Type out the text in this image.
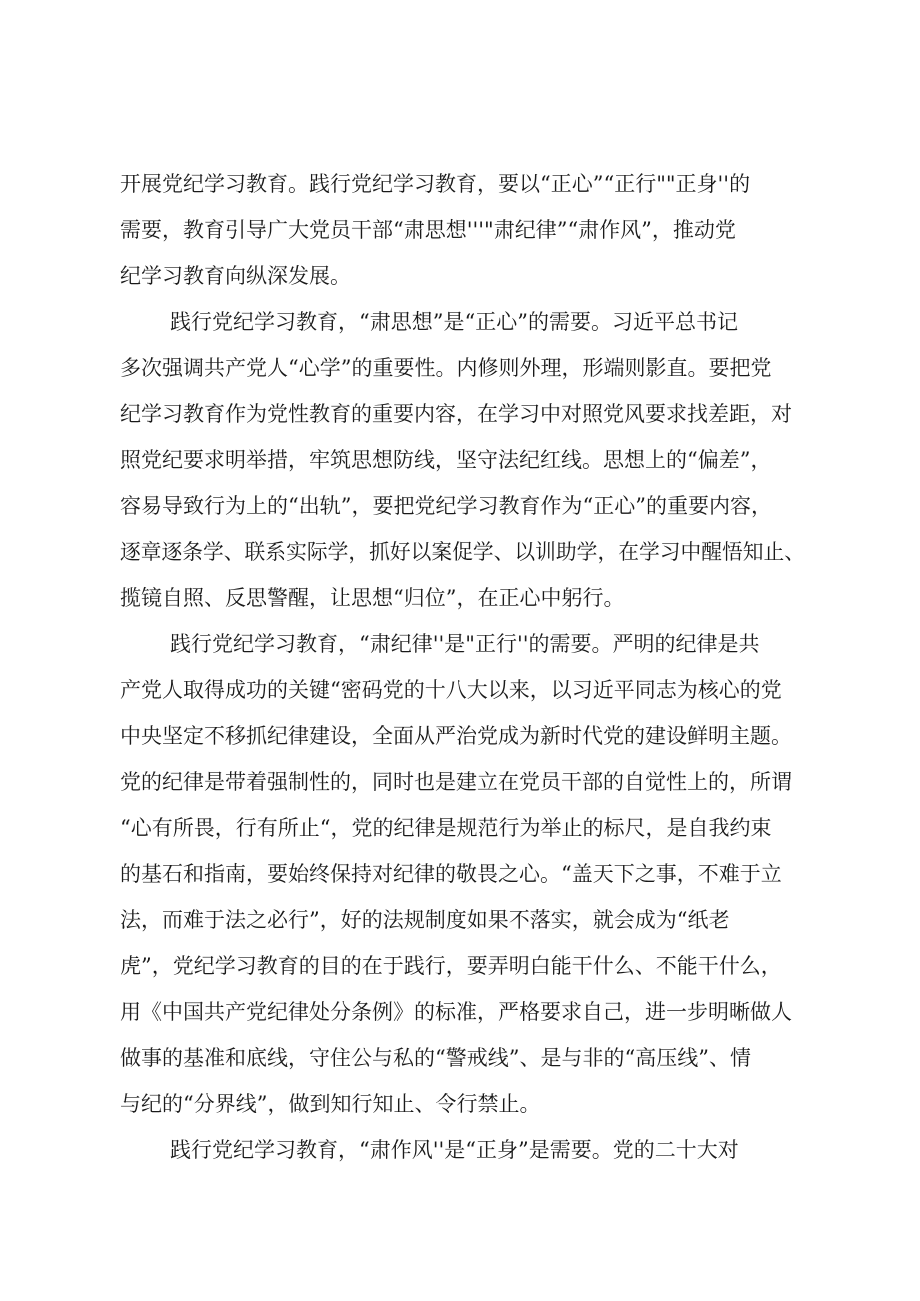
开展党纪学习教育。践行党纪学习教育，要以“正心”“正行""正身''的
需要，教育引导广大党员干部“肃思想'''"肃纪律”“肃作风”，推动党
纪学习教育向纵深发展。
践行党纪学习教育，“肃思想”是“正心”的需要。习近平总书记
多次强调共产党人“心学”的重要性。内修则外理，形端则影直。要把党
纪学习教育作为党性教育的重要内容，在学习中对照党风要求找差距，对
照党纪要求明举措，牢筑思想防线，坚守法纪红线。思想上的“偏差”，
容易导致行为上的“出轨”，要把党纪学习教育作为“正心”的重要内容，
逐章逐条学、联系实际学，抓好以案促学、以训助学，在学习中醒悟知止、
揽镜自照、反思警醒，让思想“归位”，在正心中躬行。
践行党纪学习教育，“肃纪律''是"正行''的需要。严明的纪律是共
产党人取得成功的关键“密码党的十八大以来，以习近平同志为核心的党
中央坚定不移抓纪律建设，全面从严治党成为新时代党的建设鲜明主题。
党的纪律是带着强制性的，同时也是建立在党员干部的自觉性上的，所谓
“心有所畏，行有所止“，党的纪律是规范行为举止的标尺，是自我约束
的基石和指南，要始终保持对纪律的敬畏之心。“盖天下之事，不难于立
法，而难于法之必行”，好的法规制度如果不落实，就会成为“纸老
虎”，党纪学习教育的目的在于践行，要弄明白能干什么、不能干什么，
用《中国共产党纪律处分条例》的标准，严格要求自己，进一步明晰做人
做事的基准和底线，守住公与私的“警戒线”、是与非的“高压线”、情
与纪的“分界线”，做到知行知止、令行禁止。
践行党纪学习教育，“肃作风''是“正身”是需要。党的二十大对
